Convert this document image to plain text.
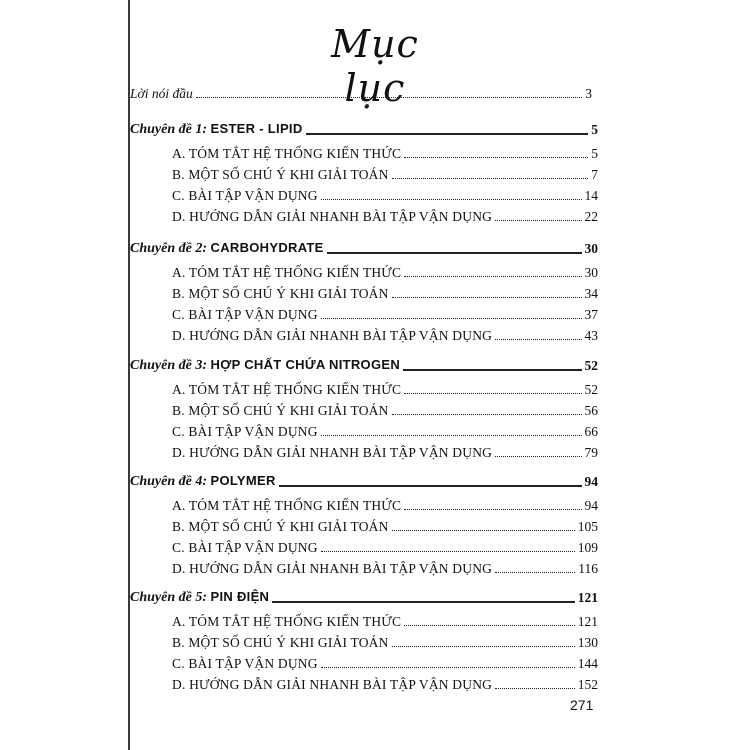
Mục lục
Lời nói đầu	3
Chuyên đề 1: ESTER - LIPID	5
A. TÓM TẮT HỆ THỐNG KIẾN THỨC	5
B. MỘT SỐ CHÚ Ý KHI GIẢI TOÁN	7
C. BÀI TẬP VẬN DỤNG	14
D. HƯỚNG DẪN GIẢI NHANH BÀI TẬP VẬN DỤNG	22
Chuyên đề 2: CARBOHYDRATE	30
A. TÓM TẮT HỆ THỐNG KIẾN THỨC	30
B. MỘT SỐ CHÚ Ý KHI GIẢI TOÁN	34
C. BÀI TẬP VẬN DỤNG	37
D. HƯỚNG DẪN GIẢI NHANH BÀI TẬP VẬN DỤNG	43
Chuyên đề 3: HỢP CHẤT CHỨA NITROGEN	52
A. TÓM TẮT HỆ THỐNG KIẾN THỨC	52
B. MỘT SỐ CHÚ Ý KHI GIẢI TOÁN	56
C. BÀI TẬP VẬN DỤNG	66
D. HƯỚNG DẪN GIẢI NHANH BÀI TẬP VẬN DỤNG	79
Chuyên đề 4: POLYMER	94
A. TÓM TẮT HỆ THỐNG KIẾN THỨC	94
B. MỘT SỐ CHÚ Ý KHI GIẢI TOÁN	105
C. BÀI TẬP VẬN DỤNG	109
D. HƯỚNG DẪN GIẢI NHANH BÀI TẬP VẬN DỤNG	116
Chuyên đề 5: PIN ĐIỆN	121
A. TÓM TẮT HỆ THỐNG KIẾN THỨC	121
B. MỘT SỐ CHÚ Ý KHI GIẢI TOÁN	130
C. BÀI TẬP VẬN DỤNG	144
D. HƯỚNG DẪN GIẢI NHANH BÀI TẬP VẬN DỤNG	152
271
